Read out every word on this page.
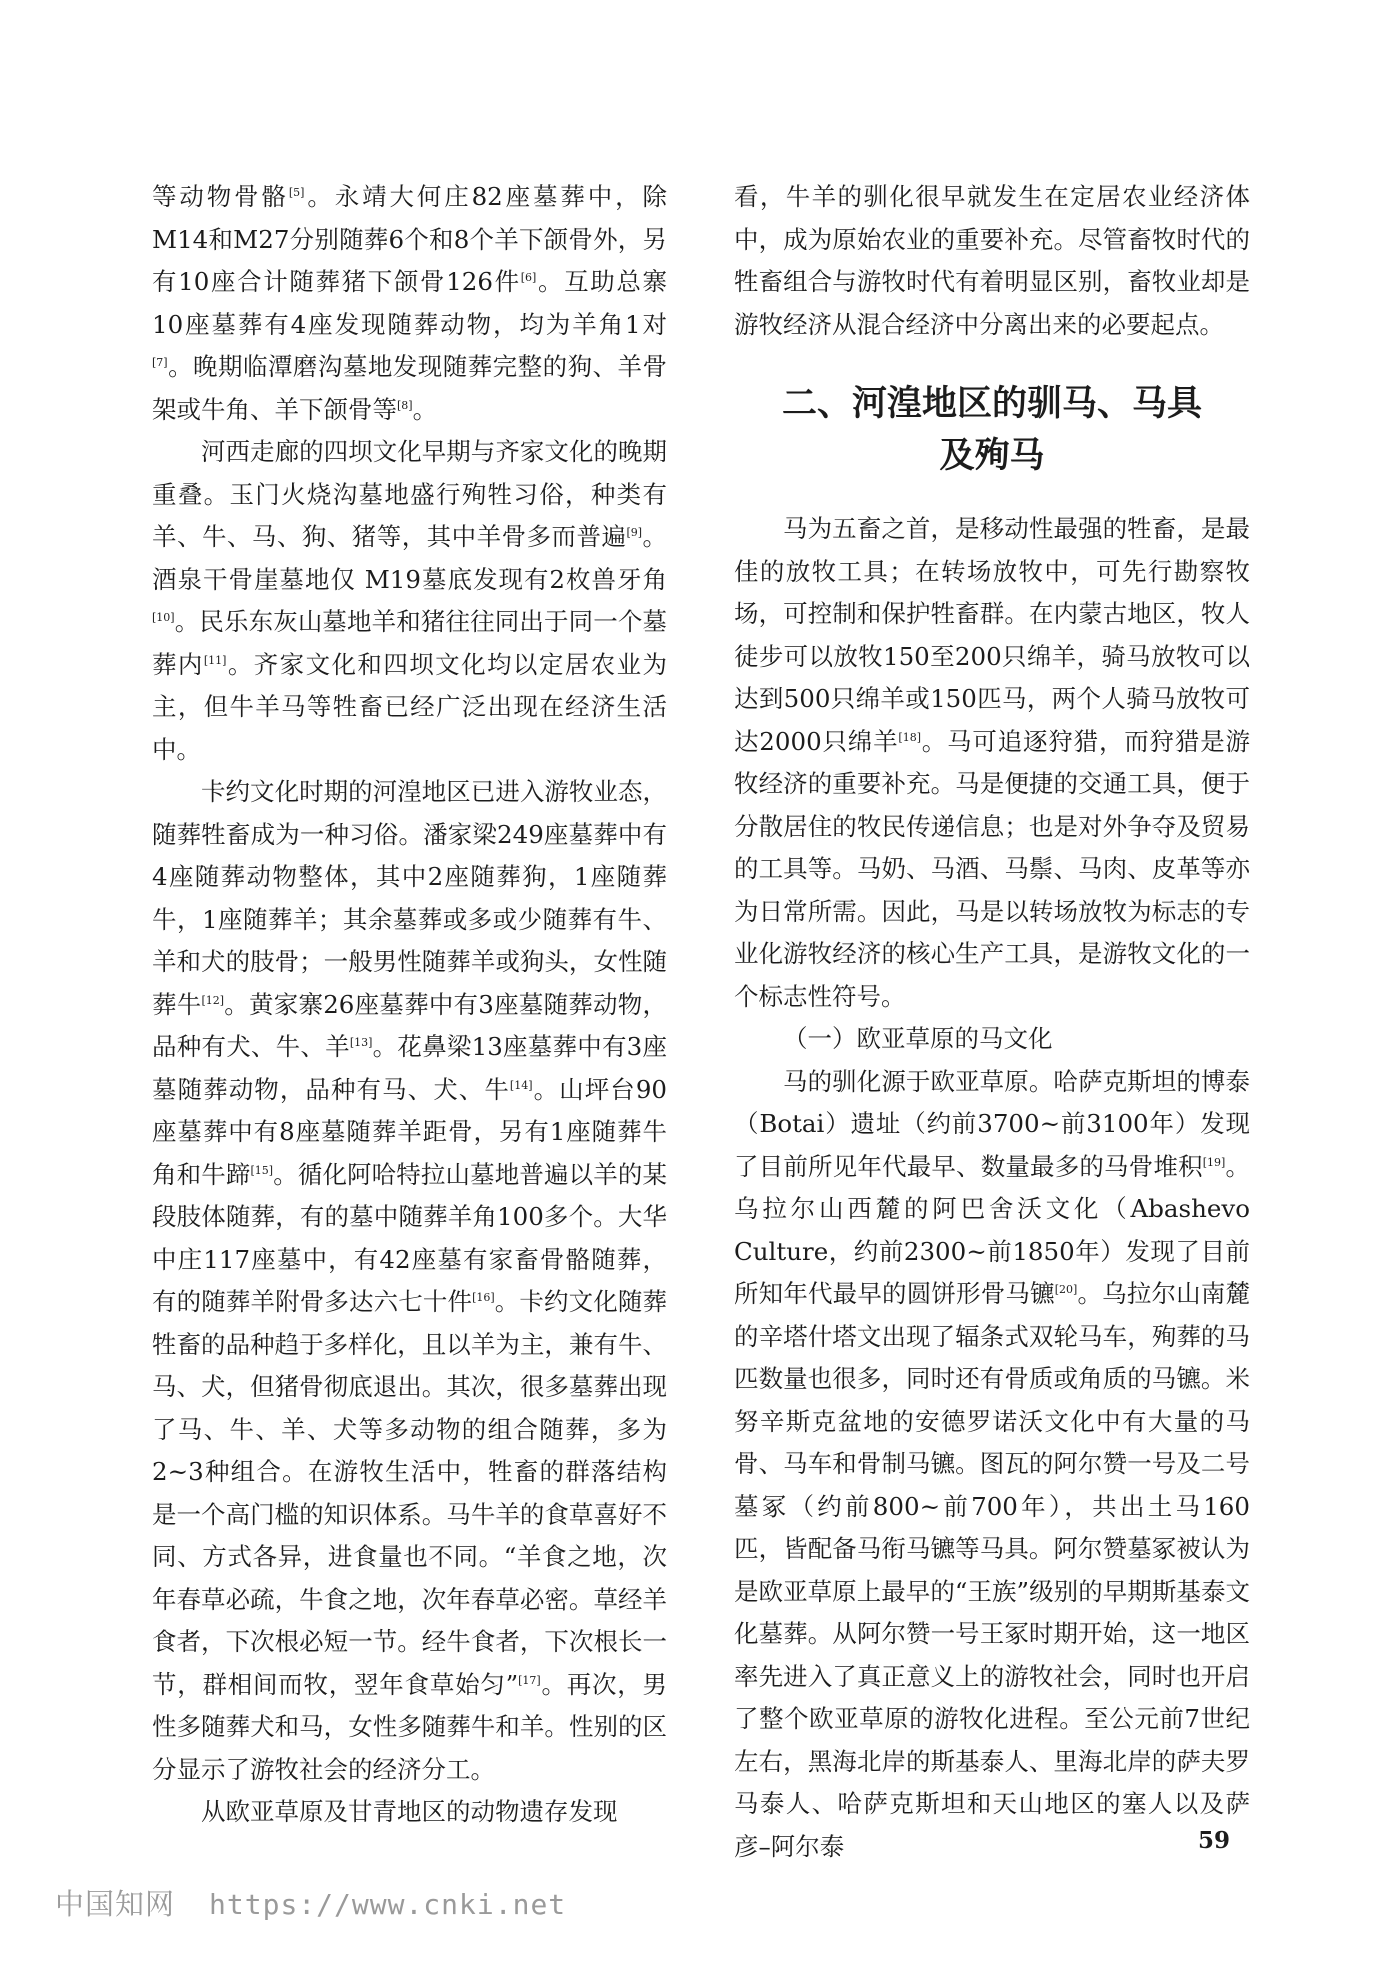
等动物骨骼[5]。永靖大何庄82座墓葬中，除M14和M27分别随葬6个和8个羊下颌骨外，另有10座合计随葬猪下颌骨126件[6]。互助总寨10座墓葬有4座发现随葬动物，均为羊角1对[7]。晚期临潭磨沟墓地发现随葬完整的狗、羊骨架或牛角、羊下颌骨等[8]。

河西走廊的四坝文化早期与齐家文化的晚期重叠。玉门火烧沟墓地盛行殉牲习俗，种类有羊、牛、马、狗、猪等，其中羊骨多而普遍[9]。酒泉干骨崖墓地仅 M19墓底发现有2枚兽牙角[10]。民乐东灰山墓地羊和猪往往同出于同一个墓葬内[11]。齐家文化和四坝文化均以定居农业为主，但牛羊马等牲畜已经广泛出现在经济生活中。

卡约文化时期的河湟地区已进入游牧业态，随葬牲畜成为一种习俗。潘家梁249座墓葬中有4座随葬动物整体，其中2座随葬狗，1座随葬牛，1座随葬羊；其余墓葬或多或少随葬有牛、羊和犬的肢骨；一般男性随葬羊或狗头，女性随葬牛[12]。黄家寨26座墓葬中有3座墓随葬动物，品种有犬、牛、羊[13]。花鼻梁13座墓葬中有3座墓随葬动物，品种有马、犬、牛[14]。山坪台90座墓葬中有8座墓随葬羊距骨，另有1座随葬牛角和牛蹄[15]。循化阿哈特拉山墓地普遍以羊的某段肢体随葬，有的墓中随葬羊角100多个。大华中庄117座墓中，有42座墓有家畜骨骼随葬，有的随葬羊附骨多达六七十件[16]。卡约文化随葬牲畜的品种趋于多样化，且以羊为主，兼有牛、马、犬，但猪骨彻底退出。其次，很多墓葬出现了马、牛、羊、犬等多动物的组合随葬，多为2~3种组合。在游牧生活中，牲畜的群落结构是一个高门槛的知识体系。马牛羊的食草喜好不同、方式各异，进食量也不同。“羊食之地，次年春草必疏，牛食之地，次年春草必密。草经羊食者，下次根必短一节。经牛食者，下次根长一节，群相间而牧，翌年食草始匀”[17]。再次，男性多随葬犬和马，女性多随葬牛和羊。性别的区分显示了游牧社会的经济分工。

从欧亚草原及甘青地区的动物遗存发现

看，牛羊的驯化很早就发生在定居农业经济体中，成为原始农业的重要补充。尽管畜牧时代的牲畜组合与游牧时代有着明显区别，畜牧业却是游牧经济从混合经济中分离出来的必要起点。

二、河湟地区的驯马、马具
及殉马

马为五畜之首，是移动性最强的牲畜，是最佳的放牧工具；在转场放牧中，可先行勘察牧场，可控制和保护牲畜群。在内蒙古地区，牧人徒步可以放牧150至200只绵羊，骑马放牧可以达到500只绵羊或150匹马，两个人骑马放牧可达2000只绵羊[18]。马可追逐狩猎，而狩猎是游牧经济的重要补充。马是便捷的交通工具，便于分散居住的牧民传递信息；也是对外争夺及贸易的工具等。马奶、马酒、马鬃、马肉、皮革等亦为日常所需。因此，马是以转场放牧为标志的专业化游牧经济的核心生产工具，是游牧文化的一个标志性符号。

（一）欧亚草原的马文化

马的驯化源于欧亚草原。哈萨克斯坦的博泰（Botai）遗址（约前3700~前3100年）发现了目前所见年代最早、数量最多的马骨堆积[19]。乌拉尔山西麓的阿巴舍沃文化（Abashevo Culture，约前2300~前1850年）发现了目前所知年代最早的圆饼形骨马镳[20]。乌拉尔山南麓的辛塔什塔文出现了辐条式双轮马车，殉葬的马匹数量也很多，同时还有骨质或角质的马镳。米努辛斯克盆地的安德罗诺沃文化中有大量的马骨、马车和骨制马镳。图瓦的阿尔赞一号及二号墓冢（约前800~前700年），共出土马160匹，皆配备马衔马镳等马具。阿尔赞墓冢被认为是欧亚草原上最早的“王族”级别的早期斯基泰文化墓葬。从阿尔赞一号王冢时期开始，这一地区率先进入了真正意义上的游牧社会，同时也开启了整个欧亚草原的游牧化进程。至公元前7世纪左右，黑海北岸的斯基泰人、里海北岸的萨夫罗马泰人、哈萨克斯坦和天山地区的塞人以及萨彦–阿尔泰	59
中国知网 https://www.cnki.net
